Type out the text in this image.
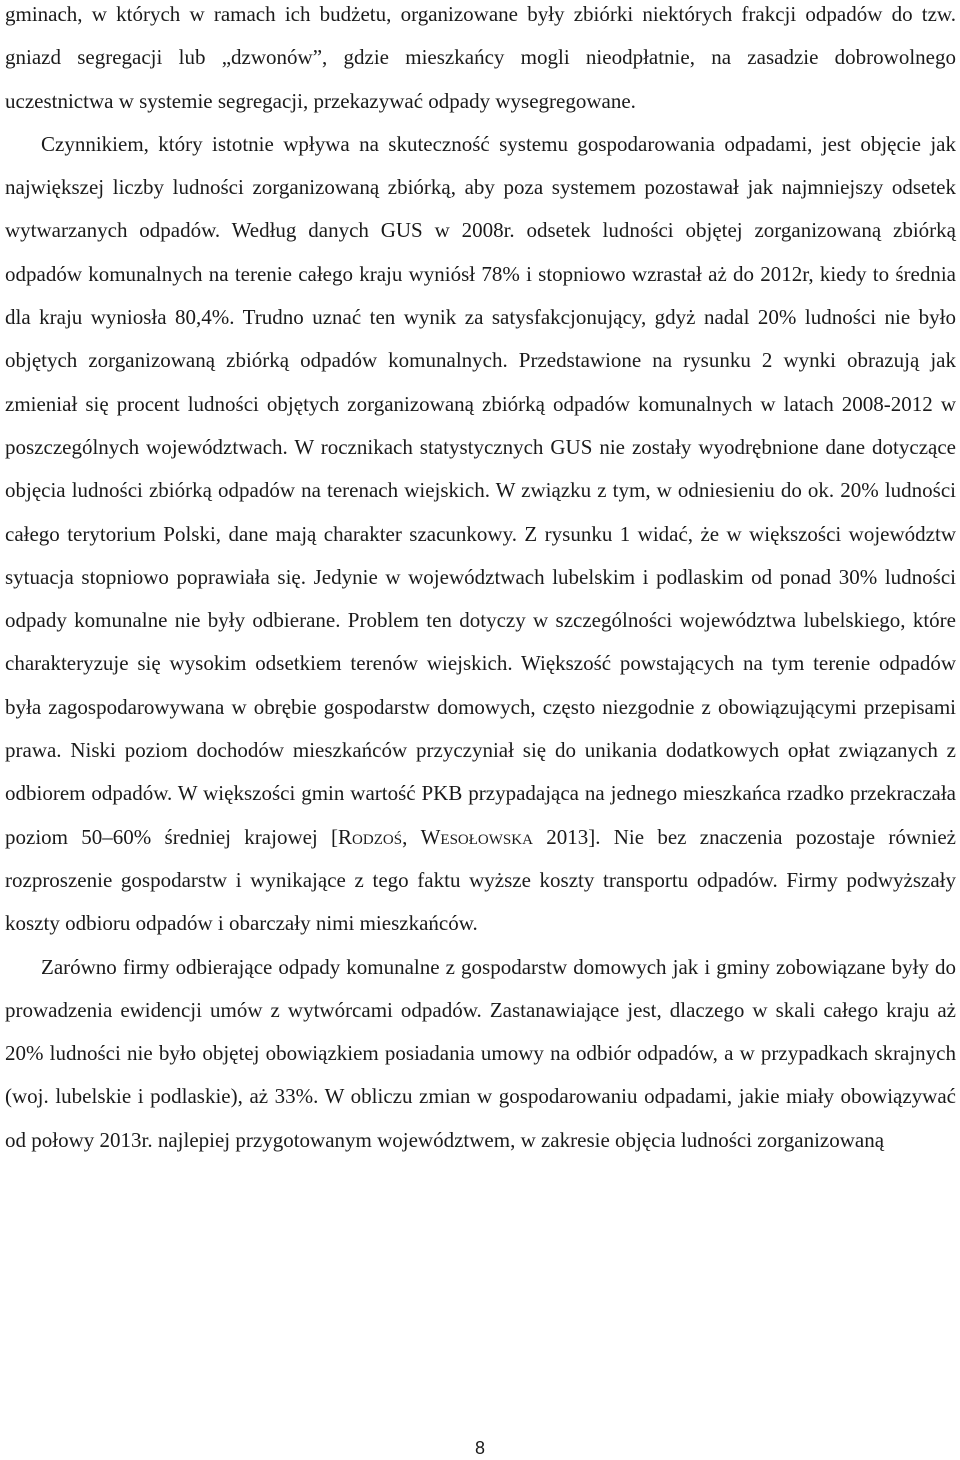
gminach, w których w ramach ich budżetu, organizowane były zbiórki niektórych frakcji odpadów do tzw. gniazd segregacji lub „dzwonów”, gdzie mieszkańcy mogli nieodpłatnie, na zasadzie dobrowolnego uczestnictwa w systemie segregacji, przekazywać odpady wysegregowane.

Czynnikiem, który istotnie wpływa na skuteczność systemu gospodarowania odpadami, jest objęcie jak największej liczby ludności zorganizowaną zbiórką, aby poza systemem pozostawał jak najmniejszy odsetek wytwarzanych odpadów. Według danych GUS w 2008r. odsetek ludności objętej zorganizowaną zbiórką odpadów komunalnych na terenie całego kraju wyniósł 78% i stopniowo wzrastał aż do 2012r, kiedy to średnia dla kraju wyniosła 80,4%. Trudno uznać ten wynik za satysfakcjonujący, gdyż nadal 20% ludności nie było objętych zorganizowaną zbiórką odpadów komunalnych. Przedstawione na rysunku 2 wynki obrazują jak zmieniał się procent ludności objętych zorganizowaną zbiórką odpadów komunalnych w latach 2008-2012 w poszczególnych województwach. W rocznikach statystycznych GUS nie zostały wyodrębnione dane dotyczące objęcia ludności zbiórką odpadów na terenach wiejskich. W związku z tym, w odniesieniu do ok. 20% ludności całego terytorium Polski, dane mają charakter szacunkowy. Z rysunku 1 widać, że w większości województw sytuacja stopniowo poprawiała się. Jedynie w województwach lubelskim i podlaskim od ponad 30% ludności odpady komunalne nie były odbierane. Problem ten dotyczy w szczególności województwa lubelskiego, które charakteryzuje się wysokim odsetkiem terenów wiejskich. Większość powstających na tym terenie odpadów była zagospodarowywana w obrębie gospodarstw domowych, często niezgodnie z obowiązującymi przepisami prawa. Niski poziom dochodów mieszkańców przyczyniał się do unikania dodatkowych opłat związanych z odbiorem odpadów. W większości gmin wartość PKB przypadająca na jednego mieszkańca rzadko przekraczała poziom 50–60% średniej krajowej [Rodzoś, Wesołowska 2013]. Nie bez znaczenia pozostaje również rozproszenie gospodarstw i wynikające z tego faktu wyższe koszty transportu odpadów. Firmy podwyższały koszty odbioru odpadów i obarczały nimi mieszkańców.

Zarówno firmy odbierające odpady komunalne z gospodarstw domowych jak i gminy zobowiązane były do prowadzenia ewidencji umów z wytwórcami odpadów. Zastanawiające jest, dlaczego w skali całego kraju aż 20% ludności nie było objętej obowiązkiem posiadania umowy na odbiór odpadów, a w przypadkach skrajnych (woj. lubelskie i podlaskie), aż 33%. W obliczu zmian w gospodarowaniu odpadami, jakie miały obowiązywać od połowy 2013r. najlepiej przygotowanym województwem, w zakresie objęcia ludności zorganizowaną

8
